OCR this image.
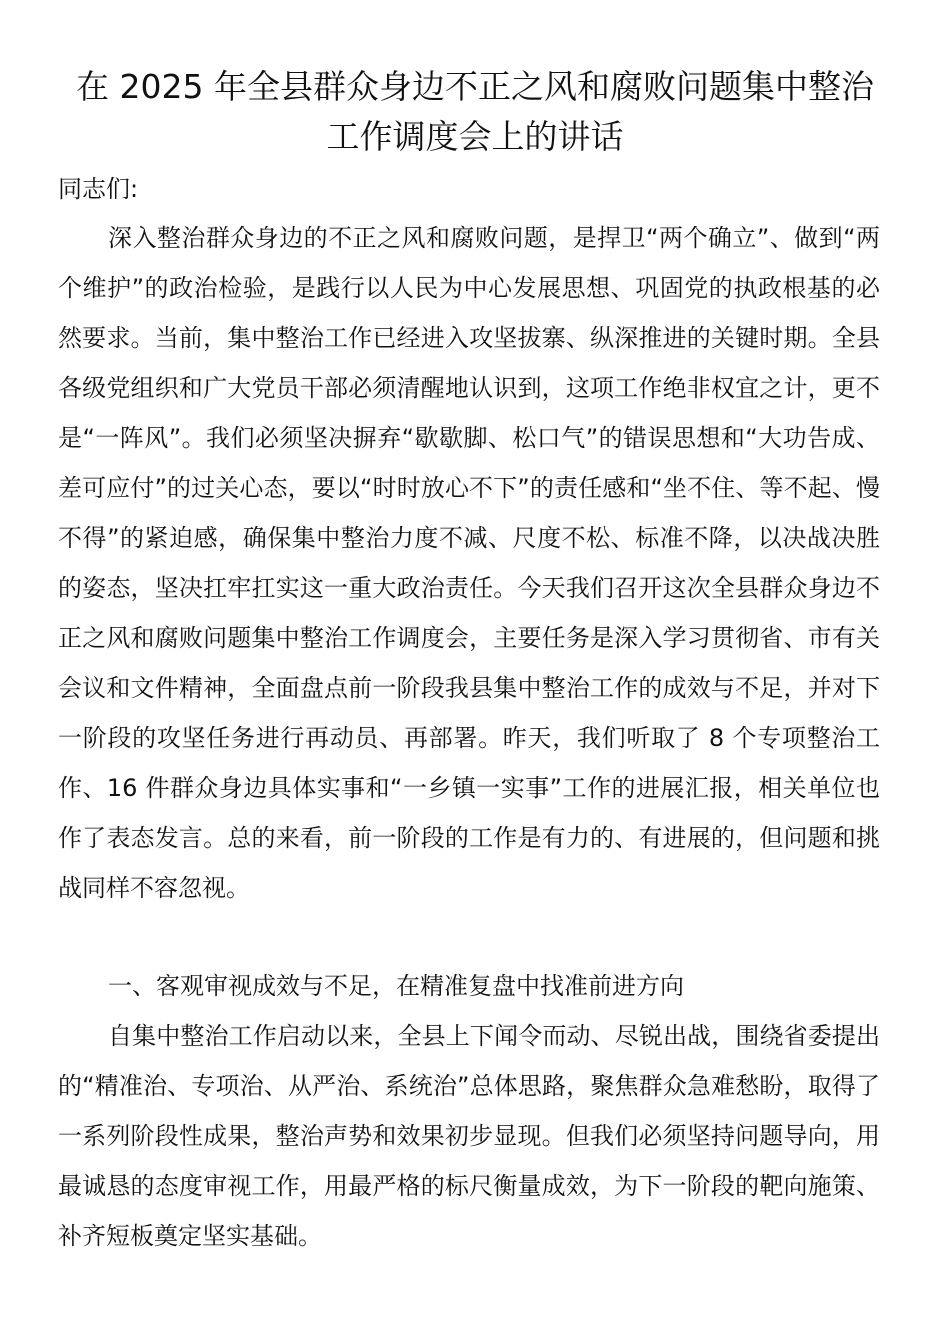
在 2025 年全县群众身边不正之风和腐败问题集中整治工作调度会上的讲话

同志们:

深入整治群众身边的不正之风和腐败问题，是捍卫“两个确立”、做到“两个维护”的政治检验，是践行以人民为中心发展思想、巩固党的执政根基的必然要求。当前，集中整治工作已经进入攻坚拔寨、纵深推进的关键时期。全县各级党组织和广大党员干部必须清醒地认识到，这项工作绝非权宜之计，更不是“一阵风”。我们必须坚决摒弃“歇歇脚、松口气”的错误思想和“大功告成、差可应付”的过关心态，要以“时时放心不下”的责任感和“坐不住、等不起、慢不得”的紧迫感，确保集中整治力度不减、尺度不松、标准不降，以决战决胜的姿态，坚决扛牢扛实这一重大政治责任。今天我们召开这次全县群众身边不正之风和腐败问题集中整治工作调度会，主要任务是深入学习贯彻省、市有关会议和文件精神，全面盘点前一阶段我县集中整治工作的成效与不足，并对下一阶段的攻坚任务进行再动员、再部署。昨天，我们听取了 8 个专项整治工作、16 件群众身边具体实事和“一乡镇一实事”工作的进展汇报，相关单位也作了表态发言。总的来看，前一阶段的工作是有力的、有进展的，但问题和挑战同样不容忽视。

一、客观审视成效与不足，在精准复盘中找准前进方向

自集中整治工作启动以来，全县上下闻令而动、尽锐出战，围绕省委提出的“精准治、专项治、从严治、系统治”总体思路，聚焦群众急难愁盼，取得了一系列阶段性成果，整治声势和效果初步显现。但我们必须坚持问题导向，用最诚恳的态度审视工作，用最严格的标尺衡量成效，为下一阶段的靶向施策、补齐短板奠定坚实基础。
